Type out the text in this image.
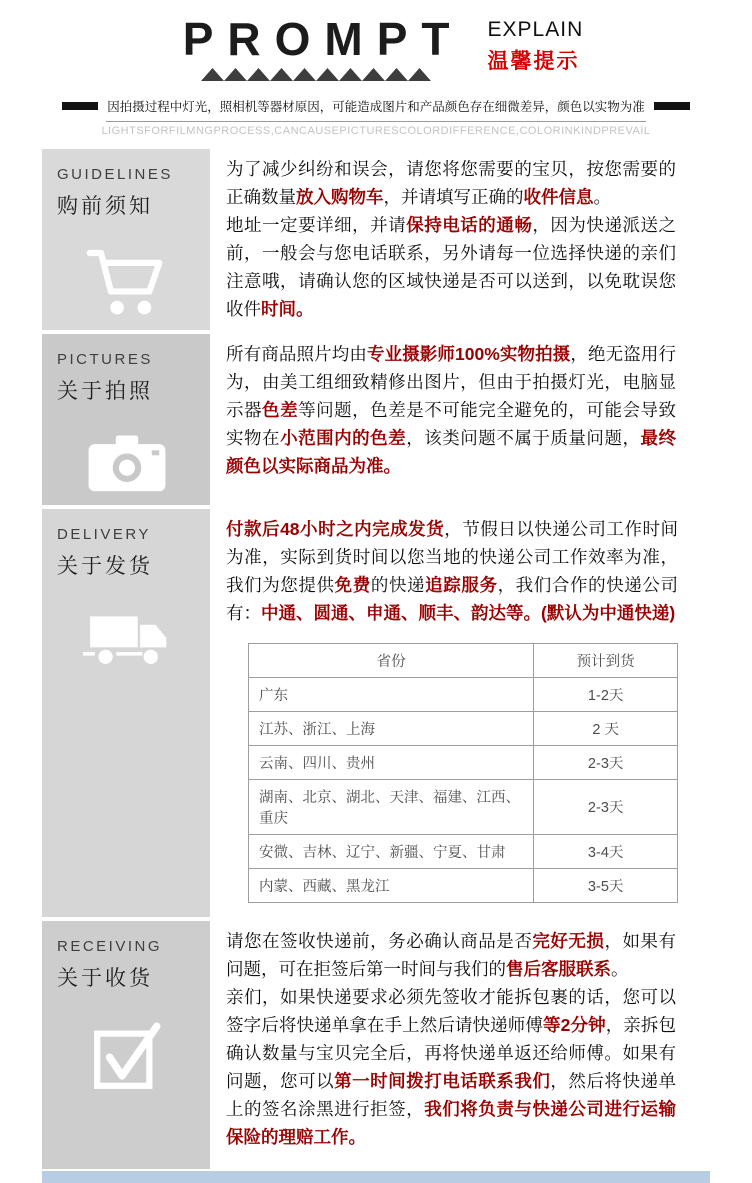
PROMPT EXPLAIN
温馨提示
因拍摄过程中灯光，照相机等器材原因，可能造成图片和产品颜色存在细微差异，颜色以实物为准
LIGHTSFORFILMNGPROCESS,CANCAUSEPICTURESCOLORDIFFERENCE,COLORINKINDPREVAIL
GUIDELINES
购前须知

为了减少纠纷和误会，请您将您需要的宝贝，按您需要的正确数量放入购物车，并请填写正确的收件信息。

地址一定要详细，并请保持电话的通畅，因为快递派送之前，一般会与您电话联系，另外请每一位选择快递的亲们注意哦，请确认您的区域快递是否可以送到，以免耽误您收件时间。

PICTURES
关于拍照

所有商品照片均由专业摄影师100%实物拍摄，绝无盗用行为，由美工组细致精修出图片，但由于拍摄灯光，电脑显示器色差等问题，色差是不可能完全避免的，可能会导致实物在小范围内的色差，该类问题不属于质量问题，最终颜色以实际商品为准。

DELIVERY
关于发货

付款后48小时之内完成发货，节假日以快递公司工作时间为准，实际到货时间以您当地的快递公司工作效率为准，我们为您提供免费的快递追踪服务，我们合作的快递公司有：中通、圆通、申通、顺丰、韵达等。(默认为中通快递)

省份	预计到货
广东	1-2天
江苏、浙江、上海	2 天
云南、四川、贵州	2-3天
湖南、北京、湖北、天津、福建、江西、重庆	2-3天
安微、吉林、辽宁、新疆、宁夏、甘肃	3-4天
内蒙、西藏、黑龙江	3-5天
RECEIVING
关于收货

请您在签收快递前，务必确认商品是否完好无损，如果有问题，可在拒签后第一时间与我们的售后客服联系。

亲们，如果快递要求必须先签收才能拆包裹的话，您可以签字后将快递单拿在手上然后请快递师傅等2分钟，亲拆包确认数量与宝贝完全后，再将快递单返还给师傅。如果有问题，您可以第一时间拨打电话联系我们，然后将快递单上的签名涂黑进行拒签，我们将负责与快递公司进行运输保险的理赔工作。
